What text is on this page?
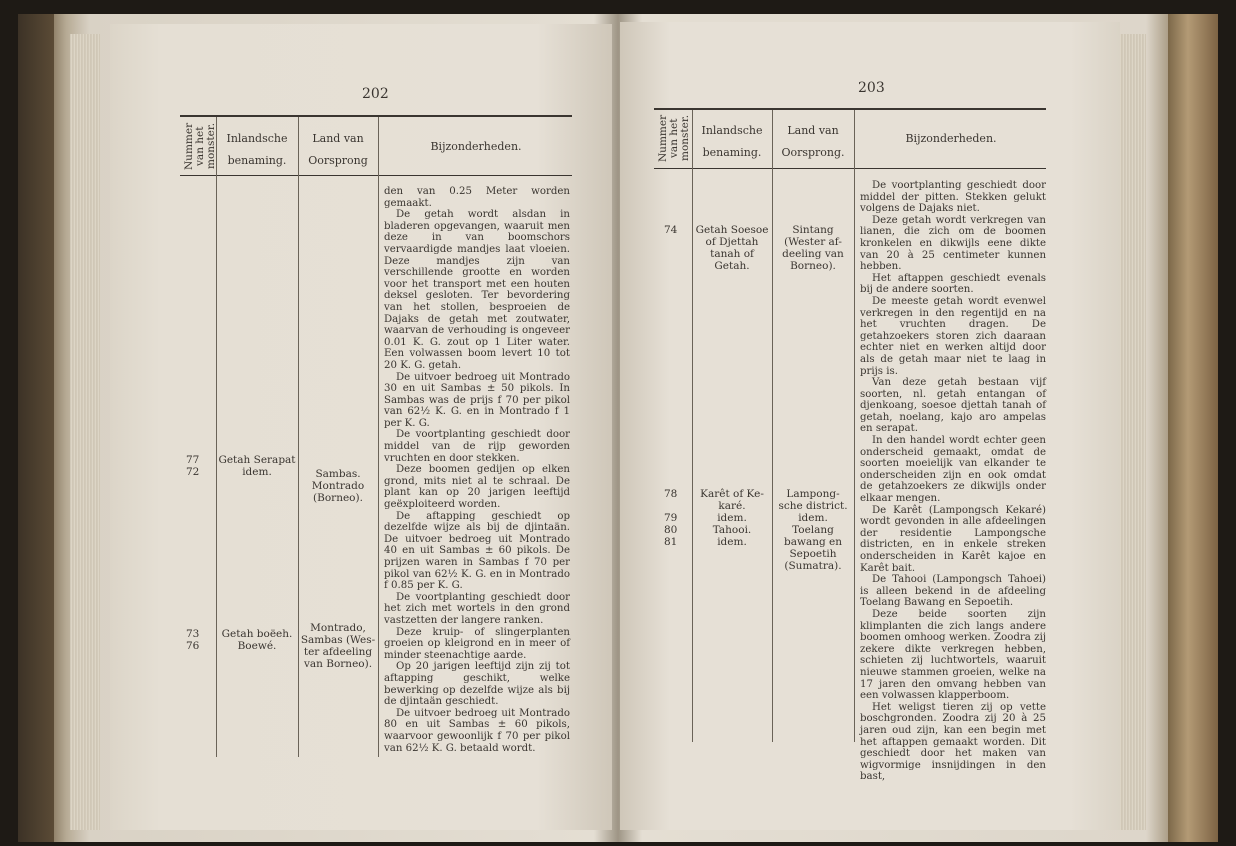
202
Nummer van het monster. Inlandsche
benaming.
Land van
Oorsprong
Bijzonderheden.
77
72
Getah Serapat
idem.	Sambas.
Montrado
(Borneo).
73
76
Getah boëeh.
Boewé.
Montrado,
Sambas (Wes-
ter afdeeling
van Borneo).

den van 0.25 Meter worden gemaakt.

De getah wordt alsdan in bladeren opgevangen, waaruit men deze in van boomschors vervaardigde mandjes laat vloeien. Deze mandjes zijn van verschillende grootte en worden voor het transport met een houten deksel gesloten. Ter bevordering van het stollen, besproeien de Dajaks de getah met zoutwater, waarvan de verhouding is ongeveer 0.01 K. G. zout op 1 Liter water. Een volwassen boom levert 10 tot 20 K. G. getah.

De uitvoer bedroeg uit Montrado 30 en uit Sambas ± 50 pikols. In Sambas was de prijs f 70 per pikol van 62½ K. G. en in Montrado f 1 per K. G.

De voortplanting geschiedt door middel van de rijp geworden vruchten en door stekken.

Deze boomen gedijen op elken grond, mits niet al te schraal. De plant kan op 20 jarigen leeftijd geëxploiteerd worden.

De aftapping geschiedt op dezelfde wijze als bij de djintaän. De uitvoer bedroeg uit Montrado 40 en uit Sambas ± 60 pikols. De prijzen waren in Sambas f 70 per pikol van 62½ K. G. en in Montrado f 0.85 per K. G.

De voortplanting geschiedt door het zich met wortels in den grond vastzetten der langere ranken.

Deze kruip- of slingerplanten groeien op kleigrond en in meer of minder steenachtige aarde.

Op 20 jarigen leeftijd zijn zij tot aftapping geschikt, welke bewerking op dezelfde wijze als bij de djintaän geschiedt.

De uitvoer bedroeg uit Montrado 80 en uit Sambas ± 60 pikols, waarvoor gewoonlijk f 70 per pikol van 62½ K. G. betaald wordt.

203
Nummer van het monster. Inlandsche
benaming.
Land van
Oorsprong.
Bijzonderheden.
74 Getah Soesoe
of Djettah
tanah of
Getah.
Sintang
(Wester af-
deeling van
Borneo).
78

79
80
81
Karêt of Ke-
karé.
idem.
Tahooi.
idem.
Lampong-
sche district.
idem.
Toelang
bawang en
Sepoetih
(Sumatra).

De voortplanting geschiedt door middel der pitten. Stekken gelukt volgens de Dajaks niet.

Deze getah wordt verkregen van lianen, die zich om de boomen kronkelen en dikwijls eene dikte van 20 à 25 centimeter kunnen hebben.

Het aftappen geschiedt evenals bij de andere soorten.

De meeste getah wordt evenwel verkregen in den regentijd en na het vruchten dragen. De getahzoekers storen zich daaraan echter niet en werken altijd door als de getah maar niet te laag in prijs is.

Van deze getah bestaan vijf soorten, nl. getah entangan of djenkoang, soesoe djettah tanah of getah, noelang, kajo aro ampelas en serapat.

In den handel wordt echter geen onderscheid gemaakt, omdat de soorten moeielijk van elkander te onderscheiden zijn en ook omdat de getahzoekers ze dikwijls onder elkaar mengen.

De Karêt (Lampongsch Kekaré) wordt gevonden in alle afdeelingen der residentie Lampongsche districten, en in enkele streken onderscheiden in Karêt kajoe en Karêt bait.

De Tahooi (Lampongsch Tahoei) is alleen bekend in de afdeeling Toelang Bawang en Sepoetih.

Deze beide soorten zijn klimplanten die zich langs andere boomen omhoog werken. Zoodra zij zekere dikte verkregen hebben, schieten zij luchtwortels, waaruit nieuwe stammen groeien, welke na 17 jaren den omvang hebben van een volwassen klapperboom.

Het weligst tieren zij op vette boschgronden. Zoodra zij 20 à 25 jaren oud zijn, kan een begin met het aftappen gemaakt worden. Dit geschiedt door het maken van wigvormige insnijdingen in den bast,
